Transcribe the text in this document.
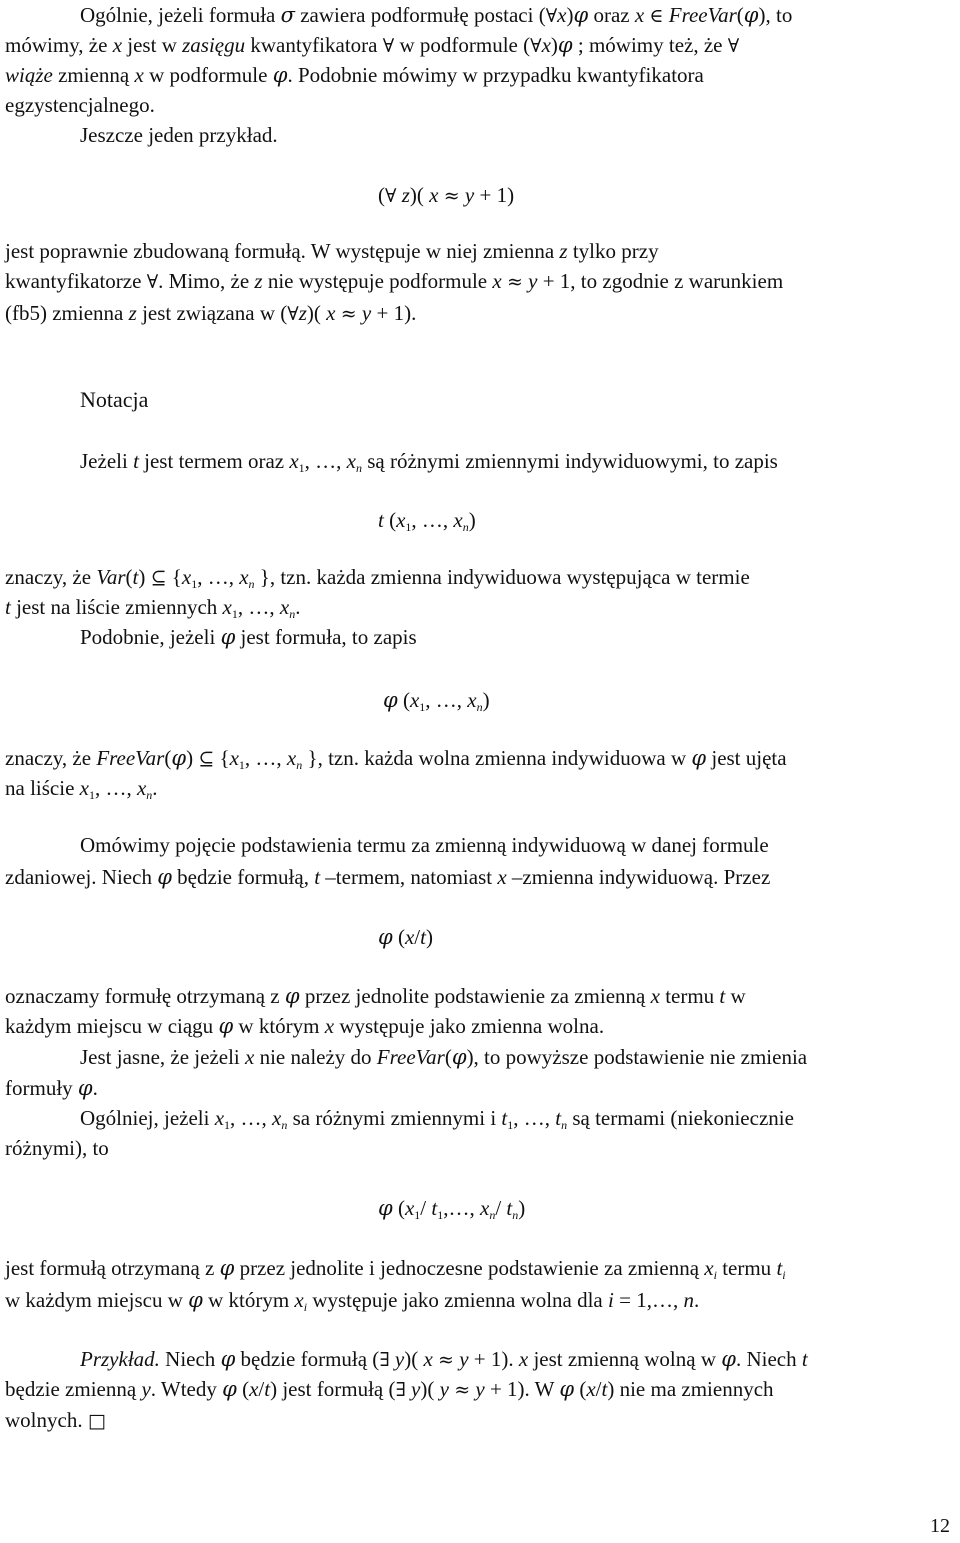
Ogólnie, jeżeli formuła σ zawiera podformułę postaci (∀x)φ oraz x ∈ FreeVar(φ), to
mówimy, że x jest w zasięgu kwantyfikatora ∀ w podformule (∀x)φ ; mówimy też, że ∀
wiąże zmienną x w podformule φ. Podobnie mówimy w przypadku kwantyfikatora
egzystencjalnego.
Jeszcze jeden przykład.
(∀ z)( x ≈ y + 1)
jest poprawnie zbudowaną formułą. W występuje w niej zmienna z tylko przy
kwantyfikatorze ∀. Mimo, że z nie występuje podformule x ≈ y + 1, to zgodnie z warunkiem
(fb5) zmienna z jest związana w (∀z)( x ≈ y + 1).
Notacja
Jeżeli t jest termem oraz $x_1$, …, $x_n$ są różnymi zmiennymi indywiduowymi, to zapis
t ($x_1$, …, $x_n$)
znaczy, że Var(t) ⊆ {$x_1$, …, $x_n$ }, tzn. każda zmienna indywiduowa występująca w termie
t jest na liście zmiennych $x_1$, …, $x_n$.
Podobnie, jeżeli φ jest formuła, to zapis
φ ($x_1$, …, $x_n$)
znaczy, że FreeVar(φ) ⊆ {$x_1$, …, $x_n$ }, tzn. każda wolna zmienna indywiduowa w φ jest ujęta
na liście $x_1$, …, $x_n$.
Omówimy pojęcie podstawienia termu za zmienną indywiduową w danej formule
zdaniowej. Niech φ będzie formułą, t –termem, natomiast x –zmienna indywiduową. Przez
φ (x/t)
oznaczamy formułę otrzymaną z φ przez jednolite podstawienie za zmienną x termu t w
każdym miejscu w ciągu φ w którym x występuje jako zmienna wolna.
Jest jasne, że jeżeli x nie należy do FreeVar(φ), to powyższe podstawienie nie zmienia
formuły φ.
Ogólniej, jeżeli $x_1$, …, $x_n$ sa różnymi zmiennymi i $t_1$, …, $t_n$ są termami (niekoniecznie
różnymi), to
φ ($x_1/$ $t_1,\dots$, $x_n/$ $t_n$)
jest formułą otrzymaną z φ przez jednolite i jednoczesne podstawienie za zmienną $x_i$ termu $t_i$
w każdym miejscu w φ w którym $x_i$ występuje jako zmienna wolna dla i = 1,…, n.
Przykład. Niech φ będzie formułą (∃ y)( x ≈ y + 1). x jest zmienną wolną w φ. Niech t
będzie zmienną y. Wtedy φ (x/t) jest formułą (∃ y)( y ≈ y + 1). W φ (x/t) nie ma zmiennych
wolnych. □
12
